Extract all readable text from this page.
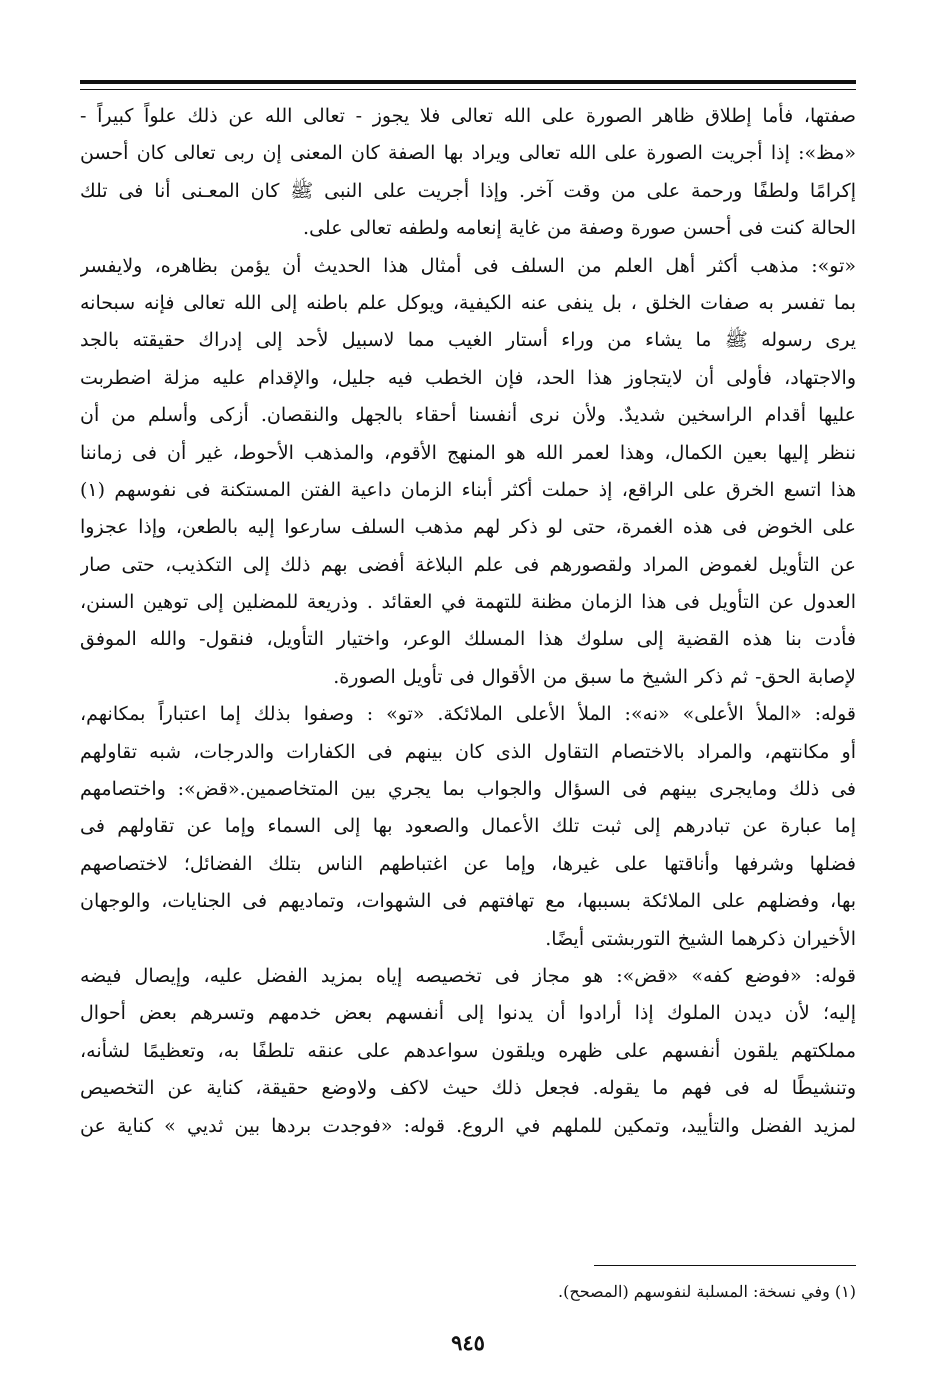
صفتها، فأما إطلاق ظاهر الصورة على الله تعالى فلا يجوز - تعالى الله عن ذلك علواً كبيراً -
«مظ»: إذا أجريت الصورة على الله تعالى ويراد بها الصفة كان المعنى إن ربى تعالى كان أحسن
إكرامًا ولطفًا ورحمة على من وقت آخر. وإذا أجريت على النبى ﷺ كان المعـنى أنا فى تلك
الحالة كنت فى أحسن صورة وصفة من غاية إنعامه ولطفه تعالى على.
«تو»: مذهب أكثر أهل العلم من السلف فى أمثال هذا الحديث أن يؤمن بظاهره، ولايفسر
بما تفسر به صفات الخلق ، بل ينفى عنه الكيفية، ويوكل علم باطنه إلى الله تعالى فإنه سبحانه
يرى رسوله ﷺ ما يشاء من وراء أستار الغيب مما لاسبيل لأحد إلى إدراك حقيقته بالجد
والاجتهاد، فأولى أن لايتجاوز هذا الحد، فإن الخطب فيه جليل، والإقدام عليه مزلة اضطربت
عليها أقدام الراسخين شديدٌ. ولأن نرى أنفسنا أحقاء بالجهل والنقصان. أزكى وأسلم من أن
ننظر إليها بعين الكمال، وهذا لعمر الله هو المنهج الأقوم، والمذهب الأحوط، غير أن فى زماننا
هذا اتسع الخرق على الراقع، إذ حملت أكثر أبناء الزمان داعية الفتن المستكنة فى نفوسهم (١)
على الخوض فى هذه الغمرة، حتى لو ذكر لهم مذهب السلف سارعوا إليه بالطعن، وإذا عجزوا
عن التأويل لغموض المراد ولقصورهم فى علم البلاغة أفضى بهم ذلك إلى التكذيب، حتى صار
العدول عن التأويل فى هذا الزمان مظنة للتهمة في العقائد . وذريعة للمضلين إلى توهين السنن،
فأدت بنا هذه القضية إلى سلوك هذا المسلك الوعر، واختيار التأويل، فنقول- والله الموفق
لإصابة الحق- ثم ذكر الشيخ ما سبق من الأقوال فى تأويل الصورة.
قوله: «الملأ الأعلى» «نه»: الملأ الأعلى الملائكة. «تو» : وصفوا بذلك إما اعتباراً بمكانهم،
أو مكانتهم، والمراد بالاختصام التقاول الذى كان بينهم فى الكفارات والدرجات، شبه تقاولهم
فى ذلك ومايجرى بينهم فى السؤال والجواب بما يجري بين المتخاصمين.«قض»: واختصامهم
إما عبارة عن تبادرهم إلى ثبت تلك الأعمال والصعود بها إلى السماء وإما عن تقاولهم فى
فضلها وشرفها وأناقتها على غيرها، وإما عن اغتباطهم الناس بتلك الفضائل؛ لاختصاصهم
بها، وفضلهم على الملائكة بسببها، مع تهافتهم فى الشهوات، وتماديهم فى الجنايات، والوجهان
الأخيران ذكرهما الشيخ التوربشتى أيضًا.
قوله: «فوضع كفه» «قض»: هو مجاز فى تخصيصه إياه بمزيد الفضل عليه، وإيصال فيضه
إليه؛ لأن ديدن الملوك إذا أرادوا أن يدنوا إلى أنفسهم بعض خدمهم وتسرهم بعض أحوال
مملكتهم يلقون أنفسهم على ظهره ويلقون سواعدهم على عنقه تلطفًا به، وتعظيمًا لشأنه،
وتنشيطًا له فى فهم ما يقوله. فجعل ذلك حيث لاكف ولاوضع حقيقة، كناية عن التخصيص
لمزيد الفضل والتأييد، وتمكين للملهم في الروع. قوله: «فوجدت بردها بين ثديي » كناية عن
(١) وفي نسخة: المسلبة لنفوسهم (المصحح).
٩٤٥
